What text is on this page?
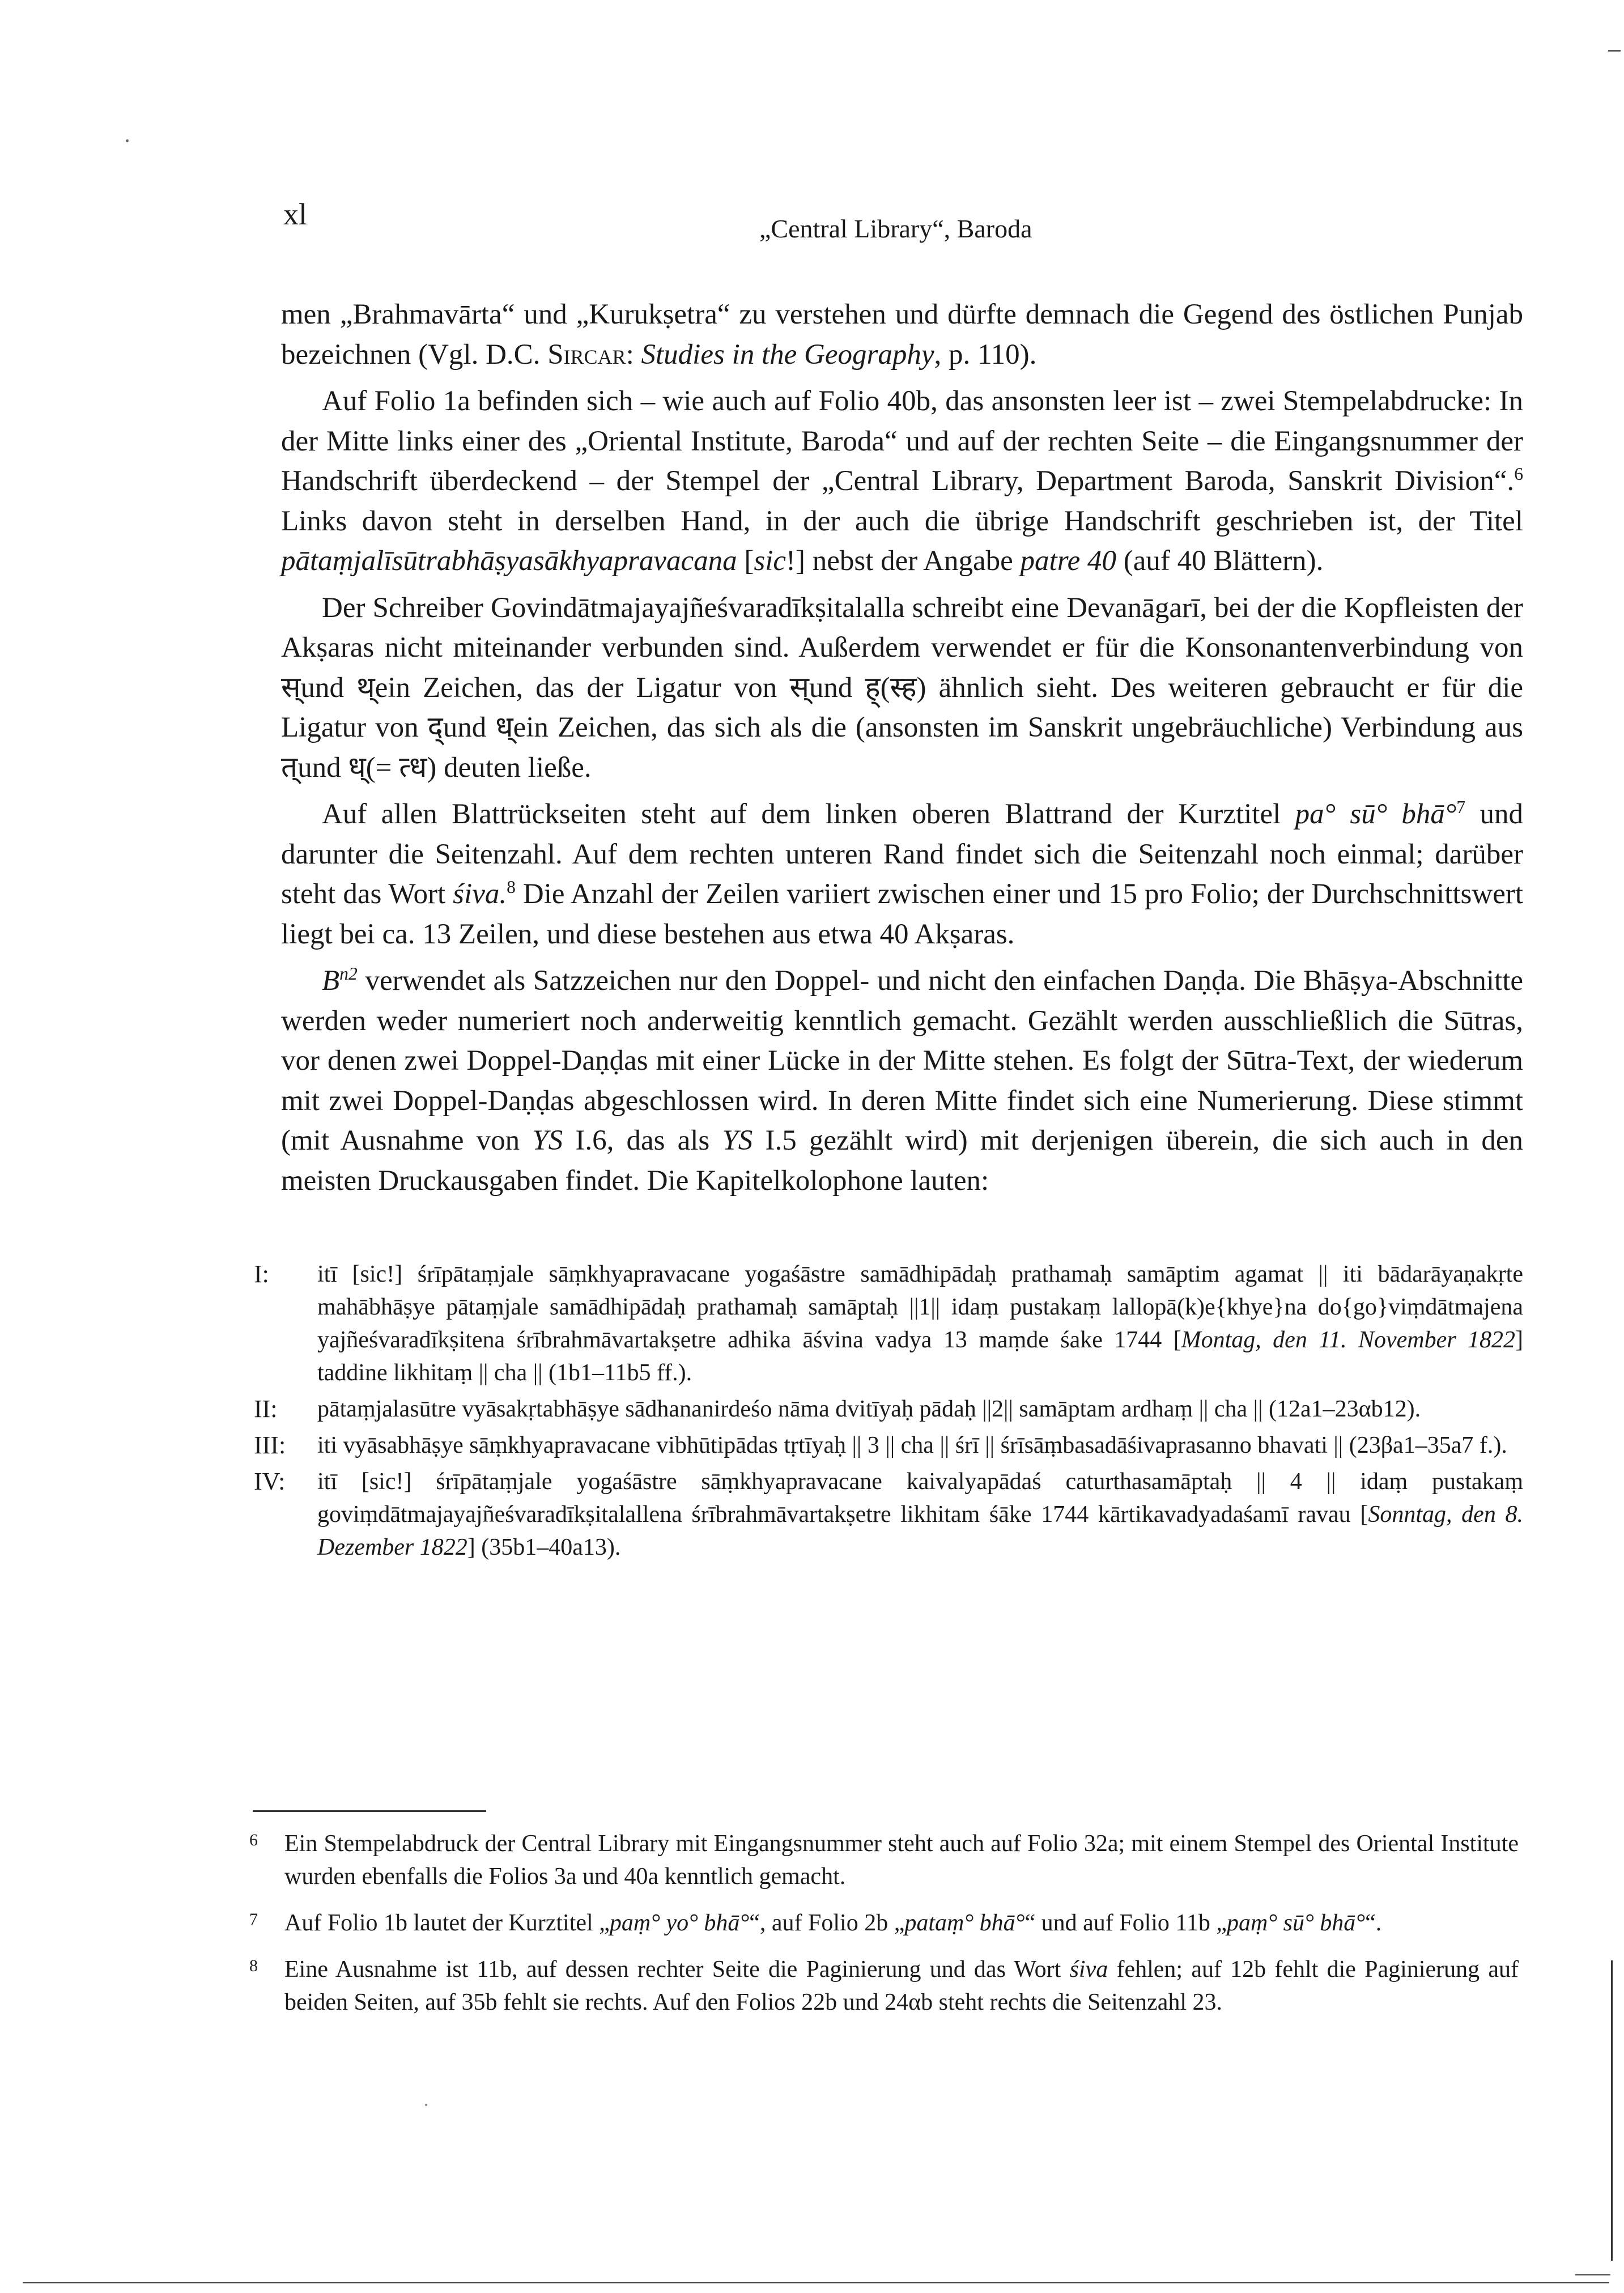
xl	„Central Library“, Baroda

men „Brahmavārta“ und „Kurukṣetra“ zu verstehen und dürfte demnach die Gegend des östlichen Punjab bezeichnen (Vgl. D.C. Sircar: Studies in the Geography, p. 110).

Auf Folio 1a befinden sich – wie auch auf Folio 40b, das ansonsten leer ist – zwei Stempelabdrucke: In der Mitte links einer des „Oriental Institute, Baroda“ und auf der rechten Seite – die Eingangsnummer der Handschrift überdeckend – der Stempel der „Central Library, Department Baroda, Sanskrit Division“.$^6$ Links davon steht in derselben Hand, in der auch die übrige Handschrift geschrieben ist, der Titel pātaṃjalīsūtrabhāṣyasākhyapravacana [sic!] nebst der Angabe patre 40 (auf 40 Blättern).

Der Schreiber Govindātmajayajñeśvaradīkṣitalalla schreibt eine Devanāgarī, bei der die Kopfleisten der Akṣaras nicht miteinander verbunden sind. Außerdem verwendet er für die Konsonantenverbindung von स्und थ्ein Zeichen, das der Ligatur von स्und ह्(स्ह) ähnlich sieht. Des weiteren gebraucht er für die Ligatur von द्und ध्ein Zeichen, das sich als die (ansonsten im Sanskrit ungebräuchliche) Verbindung aus त्und ध्(= त्ध) deuten ließe.

Auf allen Blattrückseiten steht auf dem linken oberen Blattrand der Kurztitel pa° sū° bhā°$^7$ und darunter die Seitenzahl. Auf dem rechten unteren Rand findet sich die Seitenzahl noch einmal; darüber steht das Wort śiva.$^8$ Die Anzahl der Zeilen variiert zwischen einer und 15 pro Folio; der Durchschnittswert liegt bei ca. 13 Zeilen, und diese bestehen aus etwa 40 Akṣaras.

$B^{n2}$ verwendet als Satzzeichen nur den Doppel- und nicht den einfachen Daṇḍa. Die Bhāṣya-Abschnitte werden weder numeriert noch anderweitig kenntlich gemacht. Gezählt werden ausschließlich die Sūtras, vor denen zwei Doppel-Daṇḍas mit einer Lücke in der Mitte stehen. Es folgt der Sūtra-Text, der wiederum mit zwei Doppel-Daṇḍas abgeschlossen wird. In deren Mitte findet sich eine Numerierung. Diese stimmt (mit Ausnahme von YS I.6, das als YS I.5 gezählt wird) mit derjenigen überein, die sich auch in den meisten Druckausgaben findet. Die Kapitelkolophone lauten:

I: itī [sic!] śrīpātaṃjale sāṃkhyapravacane yogaśāstre samādhipādaḥ prathamaḥ samāptim agamat || iti bādarāyaṇakṛte mahābhāṣye pātaṃjale samādhipādaḥ prathamaḥ samāptaḥ ||1|| idaṃ pustakaṃ lallopā(k)e{khye}na do{go}viṃdātmajena yajñeśvaradīkṣitena śrībrahmāvartakṣetre adhika āśvina vadya 13 maṃde śake 1744 [Montag, den 11. November 1822] taddine likhitaṃ || cha || (1b1–11b5 ff.).
II: pātaṃjalasūtre vyāsakṛtabhāṣye sādhananirdeśo nāma dvitīyaḥ pādaḥ ||2|| samāptam ardhaṃ || cha || (12a1–23αb12).
III: iti vyāsabhāṣye sāṃkhyapravacane vibhūtipādas tṛtīyaḥ || 3 || cha || śrī || śrīsāṃbasadāśivaprasanno bhavati || (23βa1–35a7 f.).
IV: itī [sic!] śrīpātaṃjale yogaśāstre sāṃkhyapravacane kaivalyapādaś caturthasamāptaḥ || 4 || idaṃ pustakaṃ goviṃdātmajayajñeśvaradīkṣitalallena śrībrahmāvartakṣetre likhitam śāke 1744 kārtikavadyadaśamī ravau [Sonntag, den 8. Dezember 1822] (35b1–40a13).
6 Ein Stempelabdruck der Central Library mit Eingangsnummer steht auch auf Folio 32a; mit einem Stempel des Oriental Institute wurden ebenfalls die Folios 3a und 40a kenntlich gemacht.
7 Auf Folio 1b lautet der Kurztitel „paṃ° yo° bhā°“, auf Folio 2b „pataṃ° bhā°“ und auf Folio 11b „paṃ° sū° bhā°“.
8 Eine Ausnahme ist 11b, auf dessen rechter Seite die Paginierung und das Wort śiva fehlen; auf 12b fehlt die Paginierung auf beiden Seiten, auf 35b fehlt sie rechts. Auf den Folios 22b und 24αb steht rechts die Seitenzahl 23.
